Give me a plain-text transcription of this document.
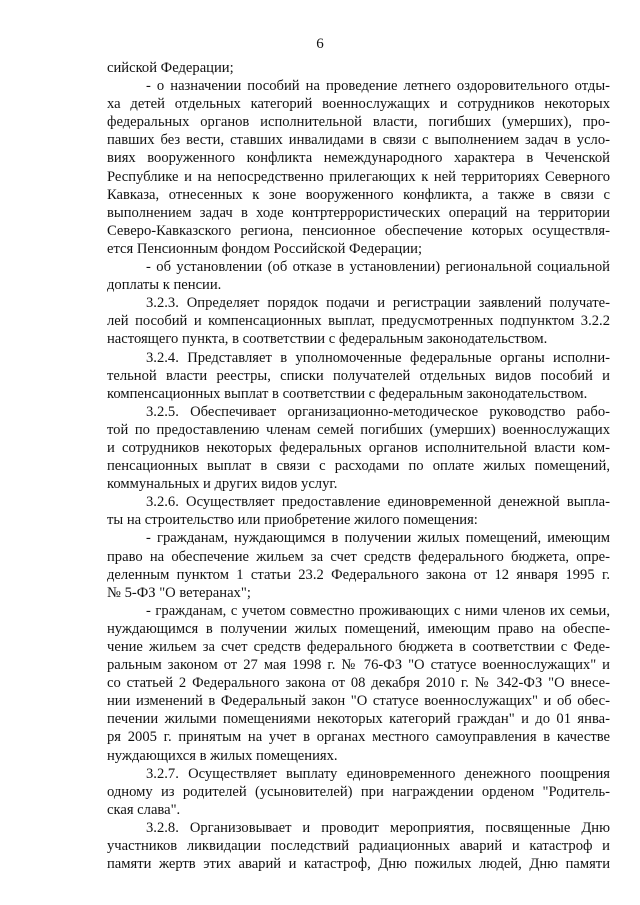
6
сийской Федерации;
- о назначении пособий на проведение летнего оздоровительного отды-
ха детей отдельных категорий военнослужащих и сотрудников некоторых
федеральных органов исполнительной власти, погибших (умерших), про-
павших без вести, ставших инвалидами в связи с выполнением задач в усло-
виях вооруженного конфликта немеждународного характера в Чеченской
Республике и на непосредственно прилегающих к ней территориях Северного
Кавказа, отнесенных к зоне вооруженного конфликта, а также в связи с
выполнением задач в ходе контртеррористических операций на территории
Северо-Кавказского региона, пенсионное обеспечение которых осуществля-
ется Пенсионным фондом Российской Федерации;
- об установлении (об отказе в установлении) региональной социальной
доплаты к пенсии.
3.2.3. Определяет порядок подачи и регистрации заявлений получате-
лей пособий и компенсационных выплат, предусмотренных подпунктом 3.2.2
настоящего пункта, в соответствии с федеральным законодательством.
3.2.4. Представляет в уполномоченные федеральные органы исполни-
тельной власти реестры, списки получателей отдельных видов пособий и
компенсационных выплат в соответствии с федеральным законодательством.
3.2.5. Обеспечивает организационно-методическое руководство рабо-
той по предоставлению членам семей погибших (умерших) военнослужащих
и сотрудников некоторых федеральных органов исполнительной власти ком-
пенсационных выплат в связи с расходами по оплате жилых помещений,
коммунальных и других видов услуг.
3.2.6. Осуществляет предоставление единовременной денежной выпла-
ты на строительство или приобретение жилого помещения:
- гражданам, нуждающимся в получении жилых помещений, имеющим
право на обеспечение жильем за счет средств федерального бюджета, опре-
деленным пунктом 1 статьи 23.2 Федерального закона от 12 января 1995 г.
№ 5-ФЗ "О ветеранах";
- гражданам, с учетом совместно проживающих с ними членов их семьи,
нуждающимся в получении жилых помещений, имеющим право на обеспе-
чение жильем за счет средств федерального бюджета в соответствии с Феде-
ральным законом от 27 мая 1998 г. № 76-ФЗ "О статусе военнослужащих" и
со статьей 2 Федерального закона от 08 декабря 2010 г. № 342-ФЗ "О внесе-
нии изменений в Федеральный закон "О статусе военнослужащих" и об обес-
печении жилыми помещениями некоторых категорий граждан" и до 01 янва-
ря 2005 г. принятым на учет в органах местного самоуправления в качестве
нуждающихся в жилых помещениях.
3.2.7. Осуществляет выплату единовременного денежного поощрения
одному из родителей (усыновителей) при награждении орденом "Родитель-
ская слава".
3.2.8. Организовывает и проводит мероприятия, посвященные Дню
участников ликвидации последствий радиационных аварий и катастроф и
памяти жертв этих аварий и катастроф, Дню пожилых людей, Дню памяти
